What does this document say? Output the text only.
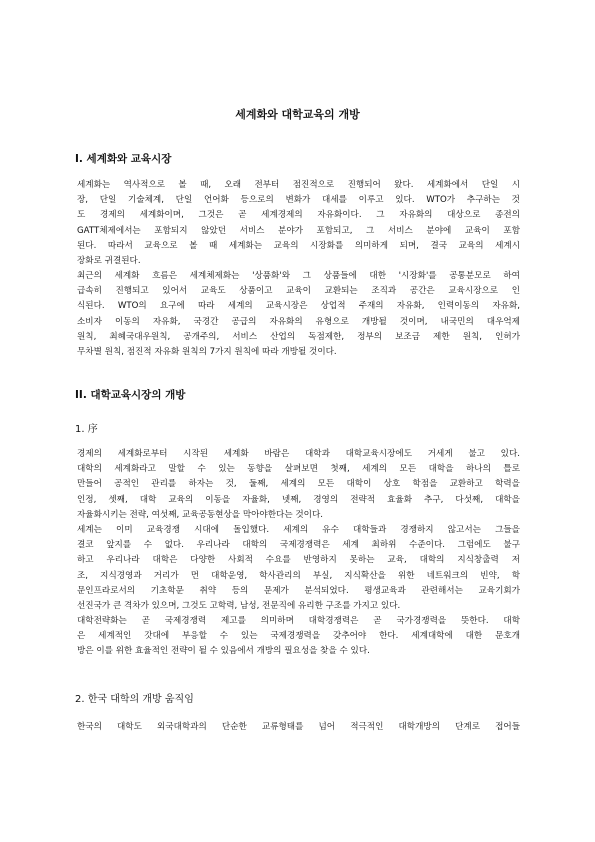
세계화와 대학교육의 개방
I. 세계화와 교육시장
세계화는 역사적으로 볼 때, 오래 전부터 점진적으로 진행되어 왔다. 세계화에서 단일 시
장, 단일 기술체계, 단일 언어화 등으로의 변화가 대세를 이루고 있다. WTO가 추구하는 것
도 경제의 세계화이며, 그것은 곧 세계경제의 자유화이다. 그 자유화의 대상으로 종전의
GATT체제에서는 포함되지 않았던 서비스 분야가 포함되고, 그 서비스 분야에 교육이 포함
된다. 따라서 교육으로 볼 때 세계화는 교육의 시장화를 의미하게 되며, 결국 교육의 세계시
장화로 귀결된다.
최근의 세계화 흐름은 세계체제화는 '상품화'와 그 상품들에 대한 '시장화'를 공통분모로 하여
급속히 진행되고 있어서 교육도 상품이고 교육이 교환되는 조직과 공간은 교육시장으로 인
식된다. WTO의 요구에 따라 세계의 교육시장은 상업적 주재의 자유화, 인력이동의 자유화,
소비자 이동의 자유화, 국경간 공급의 자유화의 유형으로 개방될 것이며, 내국민의 대우억제
원칙, 최혜국대우원칙, 공개주의, 서비스 산업의 독점제한, 정부의 보조금 제한 원칙, 인허가
무차별 원칙, 점진적 자유화 원칙의 7가지 원칙에 따라 개방될 것이다.
II. 대학교육시장의 개방
1. 序
경제의 세계화로부터 시작된 세계화 바람은 대학과 대학교육시장에도 거세게 불고 있다.
대학의 세계화라고 말할 수 있는 동향을 살펴보면 첫째, 세계의 모든 대학을 하나의 틀로
만들어 공적인 관리를 하자는 것, 둘째, 세계의 모든 대학이 상호 학점을 교환하고 학력을
인정, 셋째, 대학 교육의 이동을 자율화, 넷째, 경영의 전략적 효율화 추구, 다섯째, 대학을
자율화시키는 전략, 여섯째, 교육공동현상을 막아야한다는 것이다.
세계는 이미 교육경쟁 시대에 돌입했다. 세계의 유수 대학들과 경쟁하지 않고서는 그들을
결코 앞지를 수 없다. 우리나라 대학의 국제경쟁력은 세계 최하위 수준이다. 그럼에도 불구
하고 우리나라 대학은 다양한 사회적 수요를 반영하지 못하는 교육, 대학의 지식창출력 저
조, 지식경영과 거리가 먼 대학운영, 학사관리의 부실, 지식확산을 위한 네트워크의 빈약, 학
문인프라로서의 기초학문 취약 등의 문제가 분석되었다. 평생교육과 관련해서는 교육기회가
선진국가 큰 격차가 있으며, 그것도 고학력, 남성, 전문직에 유리한 구조를 가지고 있다.
대학전략화는 곧 국제경쟁력 제고를 의미하며 대학경쟁력은 곧 국가경쟁력을 뜻한다. 대학
은 세계적인 갓대에 부응할 수 있는 국제경쟁력을 갖추어야 한다. 세계대학에 대한 문호개
방은 이를 위한 효율적인 전략이 될 수 있음에서 개방의 필요성을 찾을 수 있다.
2. 한국 대학의 개방 움직임
한국의 대학도 외국대학과의 단순한 교류형태를 넘어 적극적인 대학개방의 단계로 접어들
